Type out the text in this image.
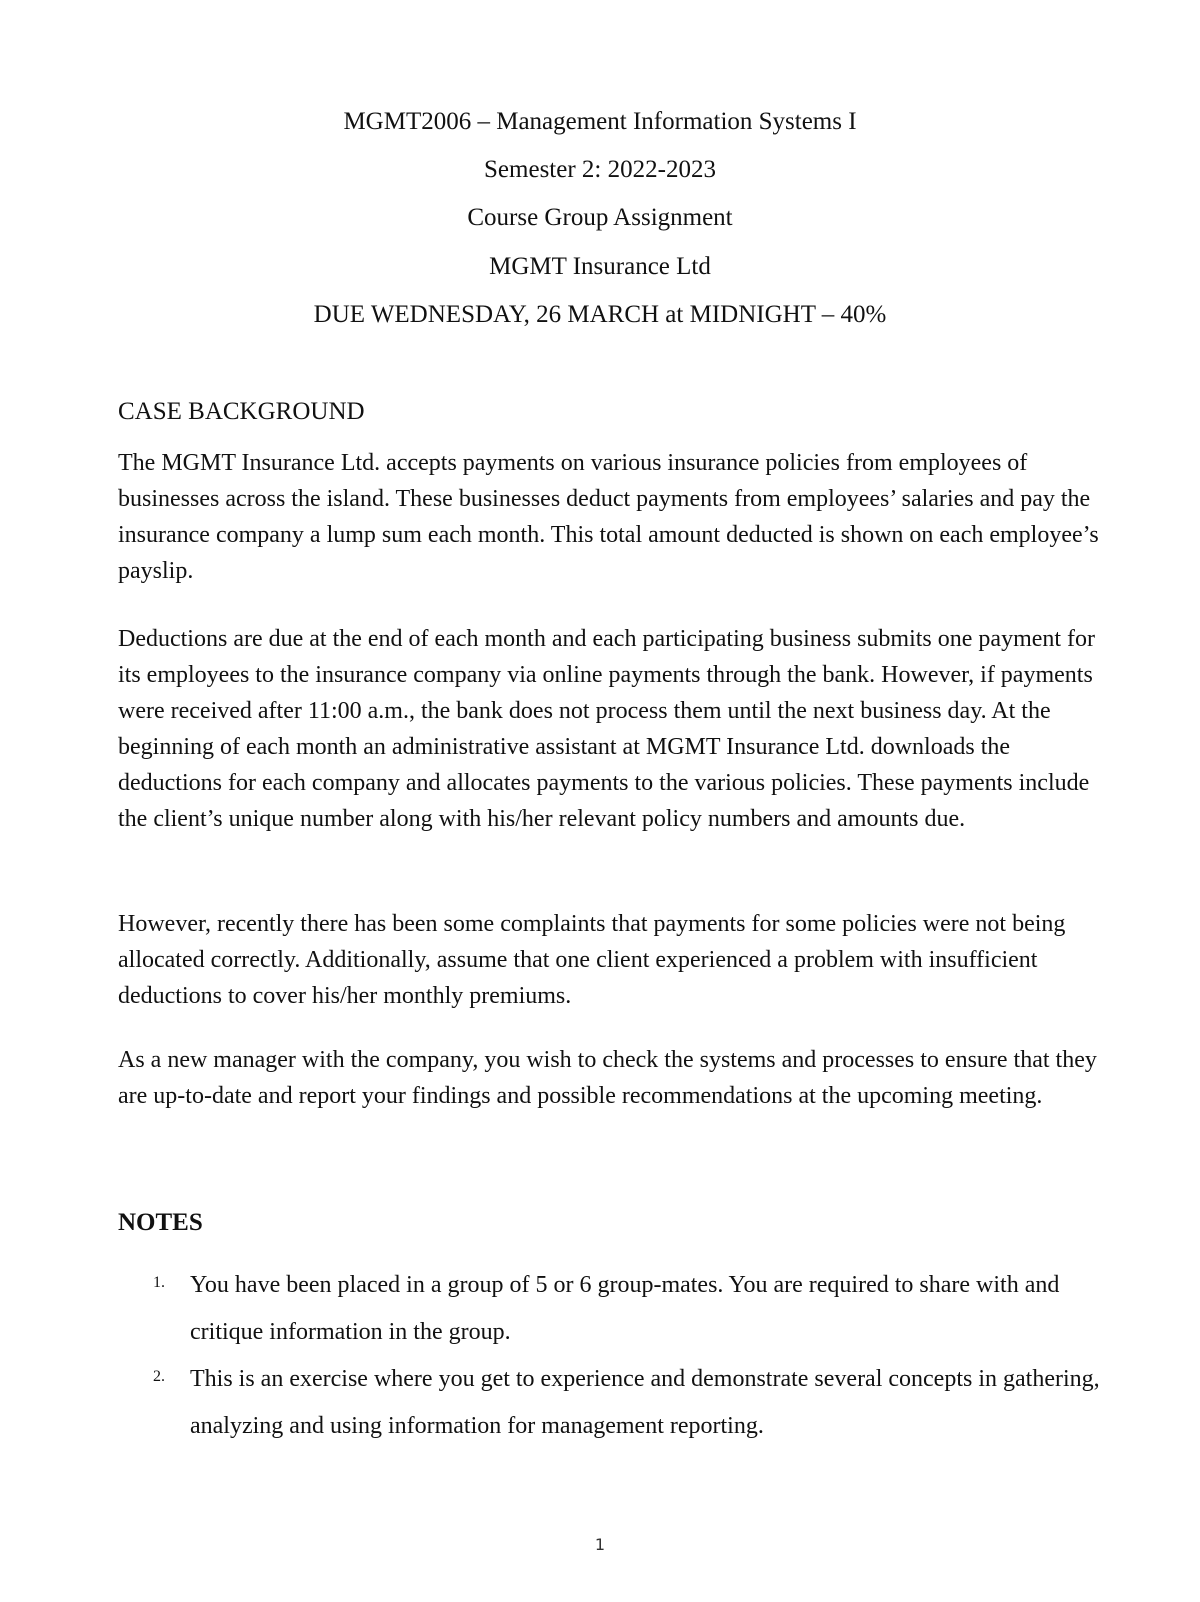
MGMT2006 – Management Information Systems I

Semester 2: 2022-2023

Course Group Assignment

MGMT Insurance Ltd

DUE WEDNESDAY, 26 MARCH at MIDNIGHT – 40%

CASE BACKGROUND

The MGMT Insurance Ltd. accepts payments on various insurance policies from employees of businesses across the island. These businesses deduct payments from employees’ salaries and pay the insurance company a lump sum each month. This total amount deducted is shown on each employee’s payslip.

Deductions are due at the end of each month and each participating business submits one payment for its employees to the insurance company via online payments through the bank. However, if payments were received after 11:00 a.m., the bank does not process them until the next business day. At the beginning of each month an administrative assistant at MGMT Insurance Ltd. downloads the deductions for each company and allocates payments to the various policies. These payments include the client’s unique number along with his/her relevant policy numbers and amounts due.

However, recently there has been some complaints that payments for some policies were not being allocated correctly. Additionally, assume that one client experienced a problem with insufficient deductions to cover his/her monthly premiums.

As a new manager with the company, you wish to check the systems and processes to ensure that they are up-to-date and report your findings and possible recommendations at the upcoming meeting.

NOTES

1. You have been placed in a group of 5 or 6 group-mates. You are required to share with and critique information in the group.

2. This is an exercise where you get to experience and demonstrate several concepts in gathering, analyzing and using information for management reporting.

1
